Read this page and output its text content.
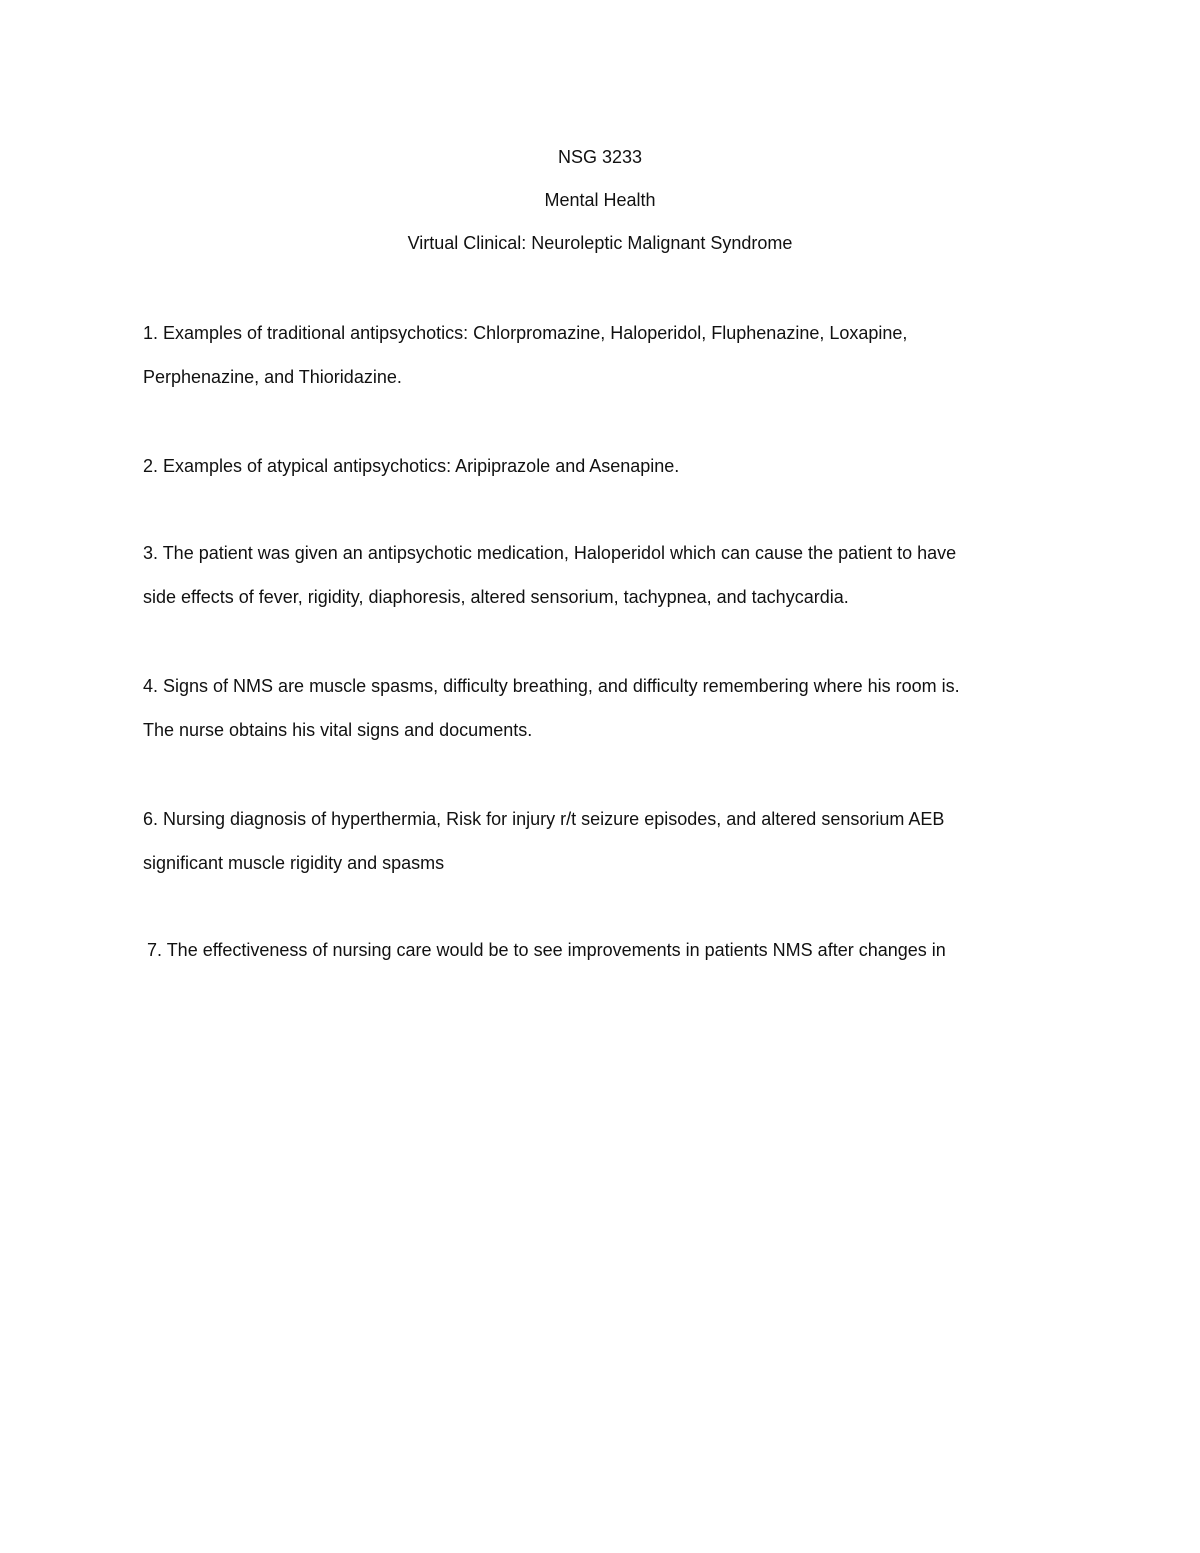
NSG 3233
Mental Health
Virtual Clinical: Neuroleptic Malignant Syndrome
1. Examples of traditional antipsychotics: Chlorpromazine, Haloperidol, Fluphenazine, Loxapine,
Perphenazine, and Thioridazine.
2. Examples of atypical antipsychotics: Aripiprazole and Asenapine.
3. The patient was given an antipsychotic medication, Haloperidol which can cause the patient to have
side effects of fever, rigidity, diaphoresis, altered sensorium, tachypnea, and tachycardia.
4. Signs of NMS are muscle spasms, difficulty breathing, and difficulty remembering where his room is.
The nurse obtains his vital signs and documents.
6. Nursing diagnosis of hyperthermia, Risk for injury r/t seizure episodes, and altered sensorium AEB
significant muscle rigidity and spasms
7. The effectiveness of nursing care would be to see improvements in patients NMS after changes in
